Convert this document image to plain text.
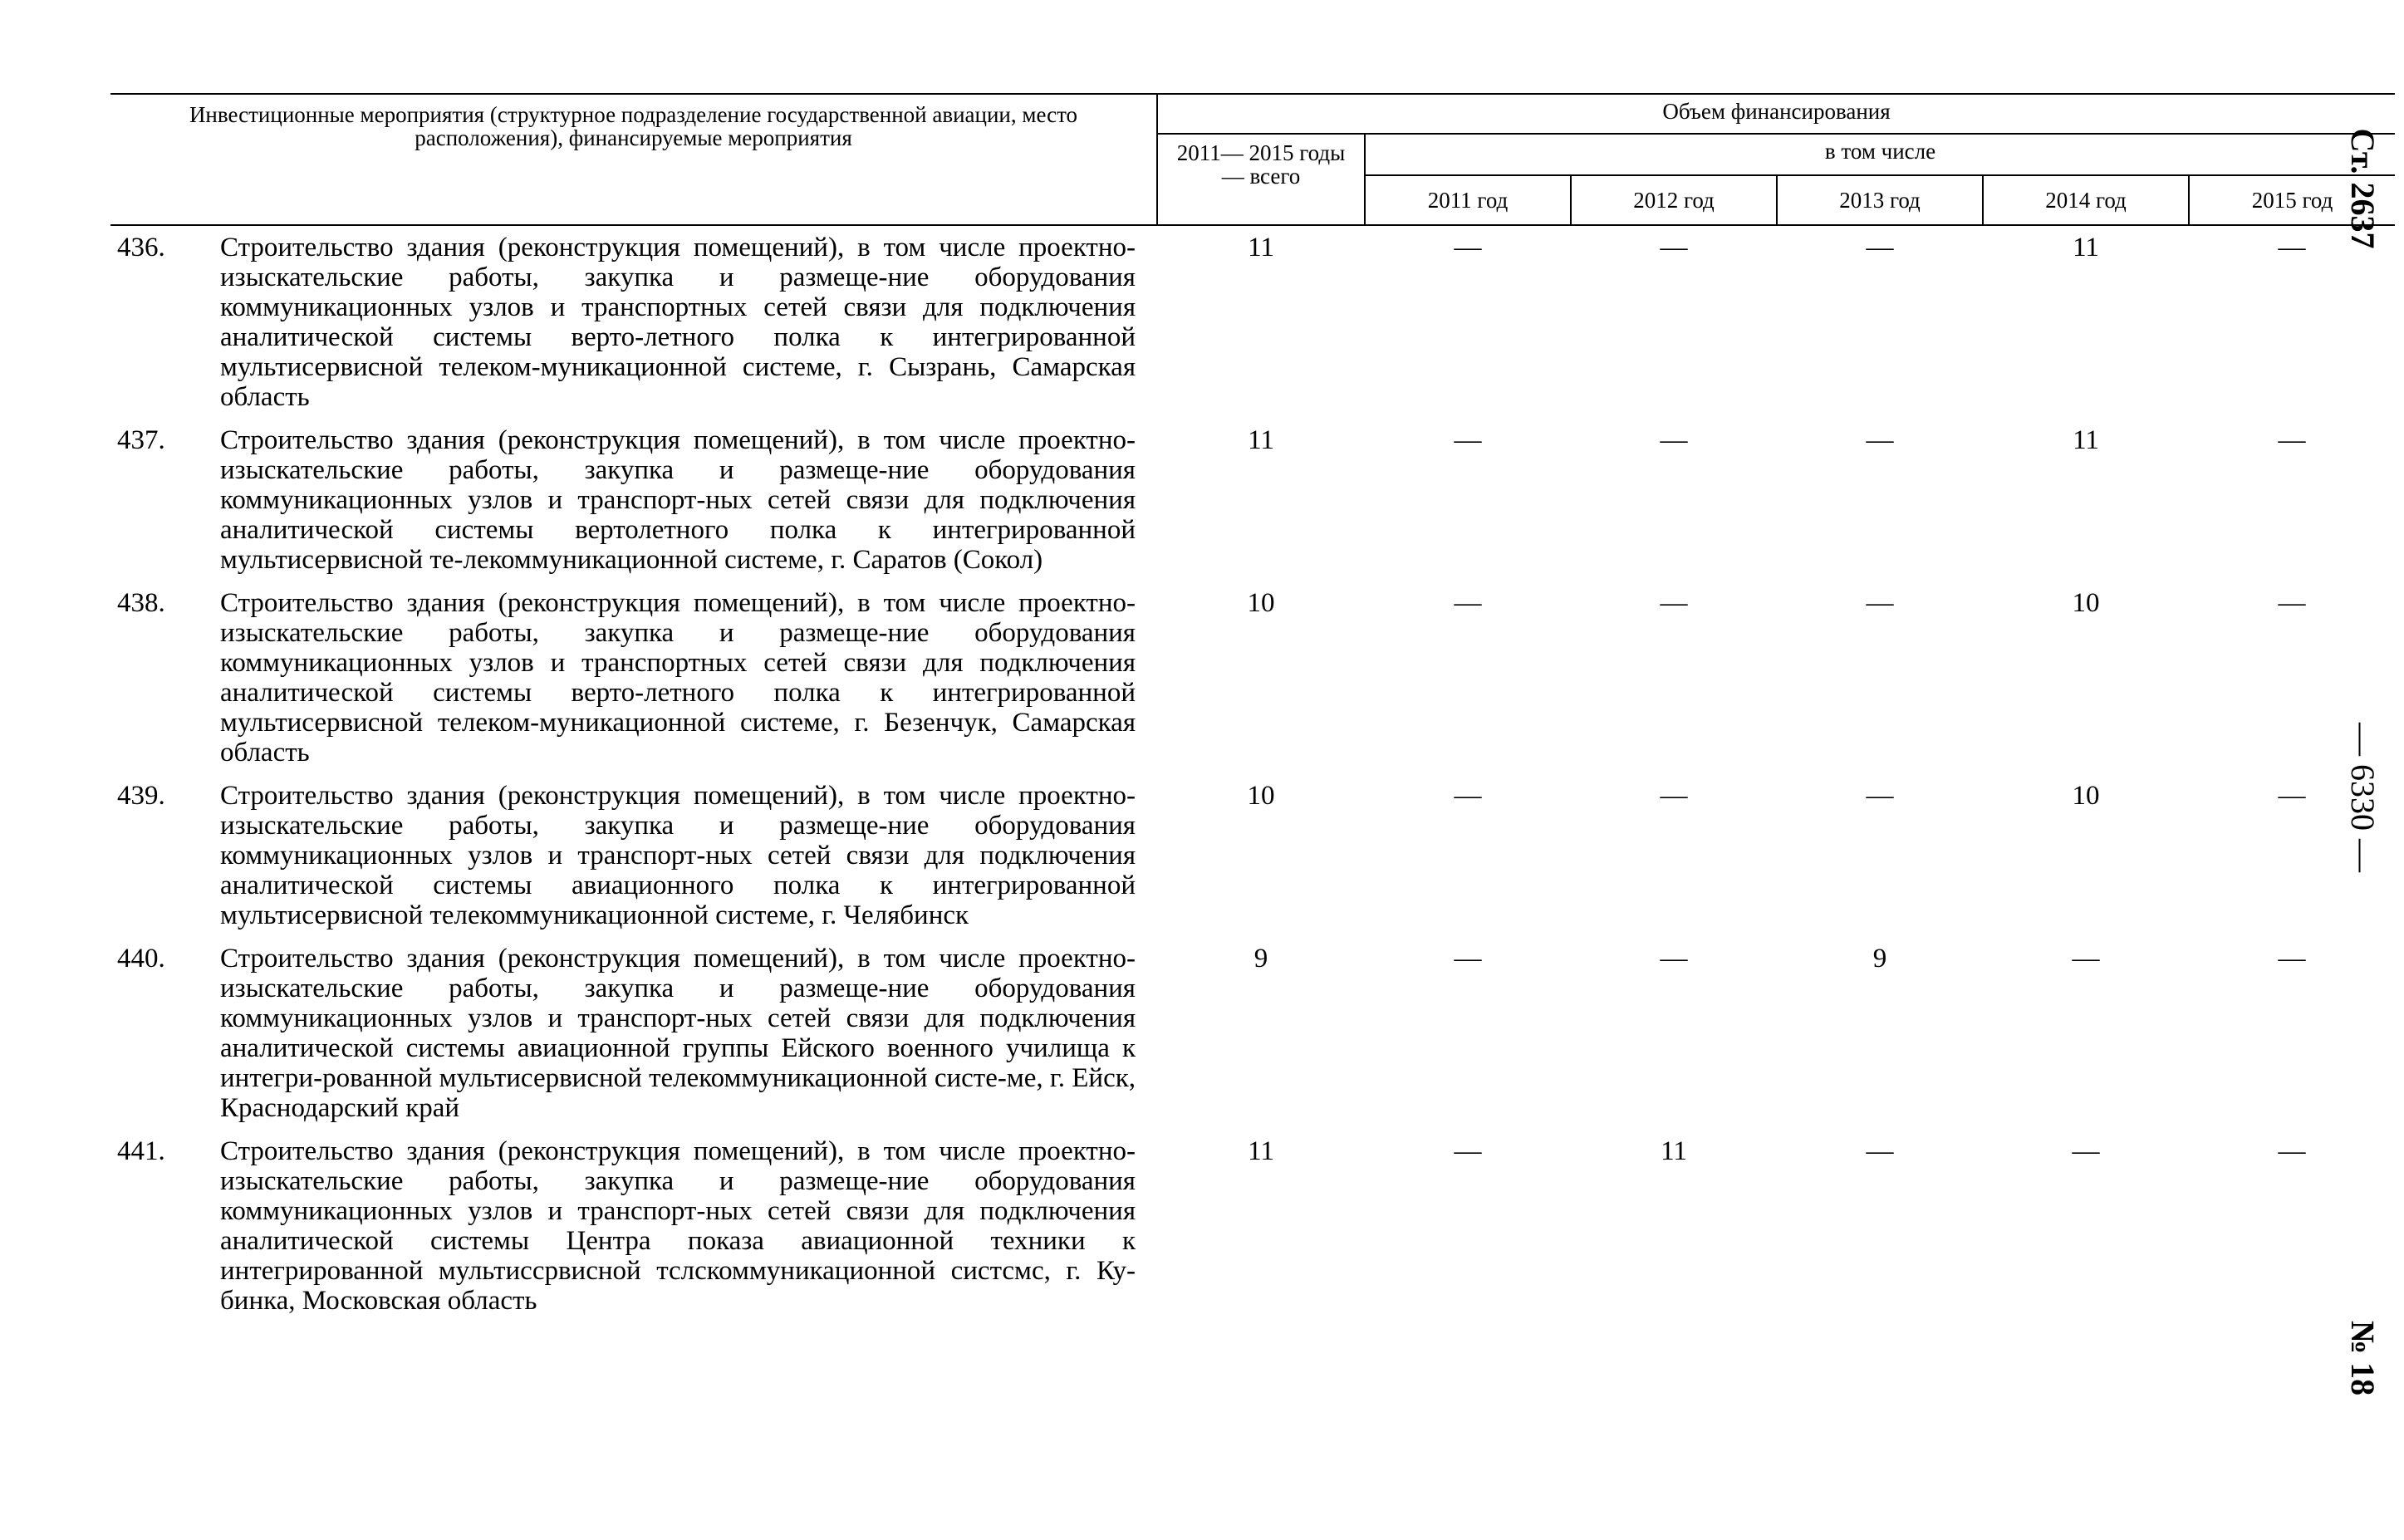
Инвестиционные мероприятия (структурное подразделение государственной авиации, место расположения), финансируемые мероприятия		Объем финансирования					
		2011— 2015 годы — всего	в том числе				
			2011 год	2012 год	2013 год	2014 год	2015 год
436.	Строительство здания (реконструкция помещений), в том числе проектно-изыскательские работы, закупка и размеще-ние оборудования коммуникационных узлов и транспортных сетей связи для подключения аналитической системы верто-летного полка к интегрированной мультисервисной телеком-муникационной системе, г. Сызрань, Самарская область	11	—	—	—	11	—
437.	Строительство здания (реконструкция помещений), в том числе проектно-изыскательские работы, закупка и размеще-ние оборудования коммуникационных узлов и транспорт-ных сетей связи для подключения аналитической системы вертолетного полка к интегрированной мультисервисной те-лекоммуникационной системе, г. Саратов (Сокол)	11	—	—	—	11	—
438.	Строительство здания (реконструкция помещений), в том числе проектно-изыскательские работы, закупка и размеще-ние оборудования коммуникационных узлов и транспортных сетей связи для подключения аналитической системы верто-летного полка к интегрированной мультисервисной телеком-муникационной системе, г. Безенчук, Самарская область	10	—	—	—	10	—
439.	Строительство здания (реконструкция помещений), в том числе проектно-изыскательские работы, закупка и размеще-ние оборудования коммуникационных узлов и транспорт-ных сетей связи для подключения аналитической системы авиационного полка к интегрированной мультисервисной телекоммуникационной системе, г. Челябинск	10	—	—	—	10	—
440.	Строительство здания (реконструкция помещений), в том числе проектно-изыскательские работы, закупка и размеще-ние оборудования коммуникационных узлов и транспорт-ных сетей связи для подключения аналитической системы авиационной группы Ейского военного училища к интегри-рованной мультисервисной телекоммуникационной систе-ме, г. Ейск, Краснодарский край	9	—	—	9	—	—
441.	Строительство здания (реконструкция помещений), в том числе проектно-изыскательские работы, закупка и размеще-ние оборудования коммуникационных узлов и транспорт-ных сетей связи для подключения аналитической системы Центра показа авиационной техники к интегрированной мультиссрвисной тслскоммуникационной систсмс, г. Ку-бинка, Московская область	11	—	11	—	—	—
Ст. 2637
— 6330 —
№ 18
